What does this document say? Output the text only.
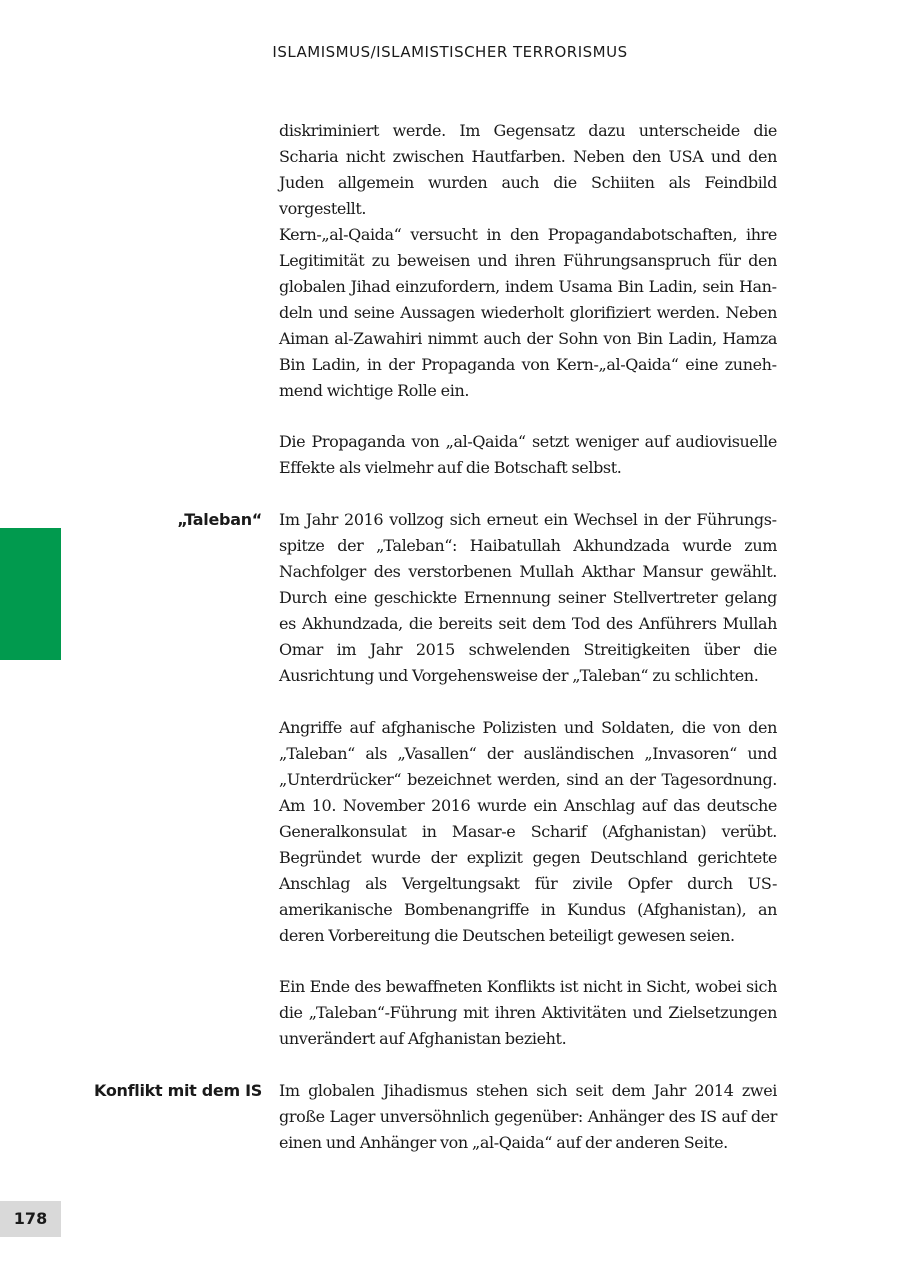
ISLAMISMUS/ISLAMISTISCHER TERRORISMUS

diskriminiert werde. Im Gegensatz dazu unterscheide die Scharia nicht zwischen Hautfarben. Neben den USA und den Juden allgemein wurden auch die Schiiten als Feindbild vorgestellt.

Kern-„al-Qaida“ versucht in den Propagandabotschaften, ihre Legitimität zu beweisen und ihren Führungsanspruch für den globalen Jihad einzufordern, indem Usama Bin Ladin, sein Handeln und seine Aussagen wiederholt glorifiziert werden. Neben Aiman al-Zawahiri nimmt auch der Sohn von Bin Ladin, Hamza Bin Ladin, in der Propaganda von Kern-„al-Qaida“ eine zunehmend wichtige Rolle ein.

Die Propaganda von „al-Qaida“ setzt weniger auf audiovisuelle Effekte als vielmehr auf die Botschaft selbst.

„Taleban“ Im Jahr 2016 vollzog sich erneut ein Wechsel in der Führungsspitze der „Taleban“: Haibatullah Akhundzada wurde zum Nachfolger des verstorbenen Mullah Akthar Mansur gewählt. Durch eine geschickte Ernennung seiner Stellvertreter gelang es Akhundzada, die bereits seit dem Tod des Anführers Mullah Omar im Jahr 2015 schwelenden Streitigkeiten über die Ausrichtung und Vorgehensweise der „Taleban“ zu schlichten.

Angriffe auf afghanische Polizisten und Soldaten, die von den „Taleban“ als „Vasallen“ der ausländischen „Invasoren“ und „Unterdrücker“ bezeichnet werden, sind an der Tagesordnung. Am 10. November 2016 wurde ein Anschlag auf das deutsche Generalkonsulat in Masar-e Scharif (Afghanistan) verübt. Begründet wurde der explizit gegen Deutschland gerichtete Anschlag als Vergeltungsakt für zivile Opfer durch US-amerikanische Bombenangriffe in Kundus (Afghanistan), an deren Vorbereitung die Deutschen beteiligt gewesen seien.

Ein Ende des bewaffneten Konflikts ist nicht in Sicht, wobei sich die „Taleban“-Führung mit ihren Aktivitäten und Zielsetzungen unverändert auf Afghanistan bezieht.

Konflikt mit dem IS Im globalen Jihadismus stehen sich seit dem Jahr 2014 zwei große Lager unversöhnlich gegenüber: Anhänger des IS auf der einen und Anhänger von „al-Qaida“ auf der anderen Seite.

178
